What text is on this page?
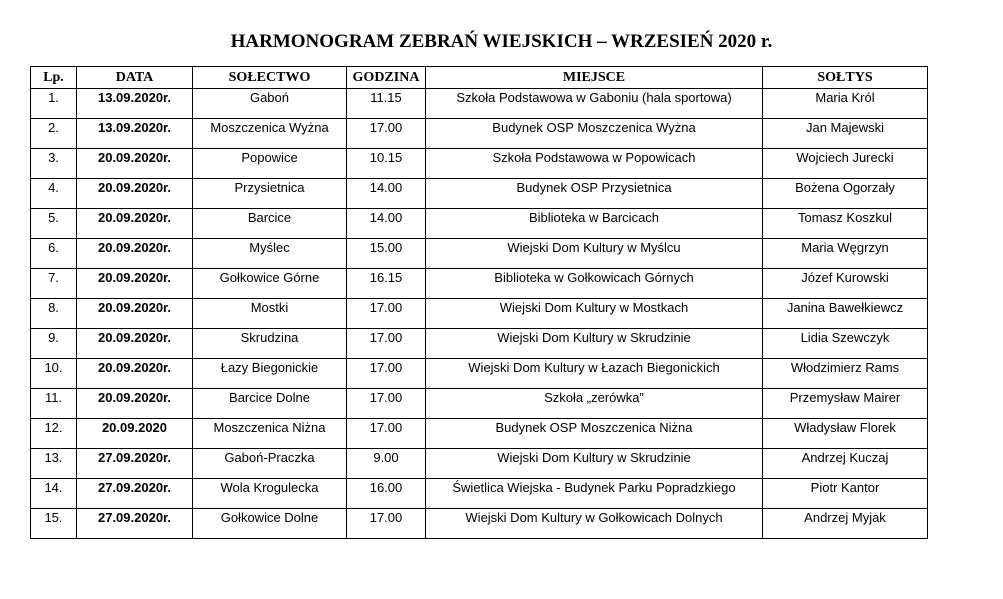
HARMONOGRAM ZEBRAŃ WIEJSKICH – WRZESIEŃ 2020 r.
Lp.	DATA	SOŁECTWO	GODZINA	MIEJSCE	SOŁTYS
1.	13.09.2020r.	Gaboń	11.15	Szkoła Podstawowa w Gaboniu (hala sportowa)	Maria Król
2.	13.09.2020r.	Moszczenica Wyżna	17.00	Budynek OSP Moszczenica Wyżna	Jan Majewski
3.	20.09.2020r.	Popowice	10.15	Szkoła Podstawowa w Popowicach	Wojciech Jurecki
4.	20.09.2020r.	Przysietnica	14.00	Budynek OSP Przysietnica	Bożena Ogorzały
5.	20.09.2020r.	Barcice	14.00	Biblioteka w Barcicach	Tomasz Koszkul
6.	20.09.2020r.	Myślec	15.00	Wiejski Dom Kultury w Myślcu	Maria Węgrzyn
7.	20.09.2020r.	Gołkowice Górne	16.15	Biblioteka w Gołkowicach Górnych	Józef Kurowski
8.	20.09.2020r.	Mostki	17.00	Wiejski Dom Kultury w Mostkach	Janina Bawełkiewcz
9.	20.09.2020r.	Skrudzina	17.00	Wiejski Dom Kultury w Skrudzinie	Lidia Szewczyk
10.	20.09.2020r.	Łazy Biegonickie	17.00	Wiejski Dom Kultury w Łazach Biegonickich	Włodzimierz Rams
11.	20.09.2020r.	Barcice Dolne	17.00	Szkoła „zerówka”	Przemysław Mairer
12.	20.09.2020	Moszczenica Niżna	17.00	Budynek OSP Moszczenica Niżna	Władysław Florek
13.	27.09.2020r.	Gaboń-Praczka	9.00	Wiejski Dom Kultury w Skrudzinie	Andrzej Kuczaj
14.	27.09.2020r.	Wola Krogulecka	16.00	Świetlica Wiejska - Budynek Parku Popradzkiego	Piotr Kantor
15.	27.09.2020r.	Gołkowice Dolne	17.00	Wiejski Dom Kultury w Gołkowicach Dolnych	Andrzej Myjak
